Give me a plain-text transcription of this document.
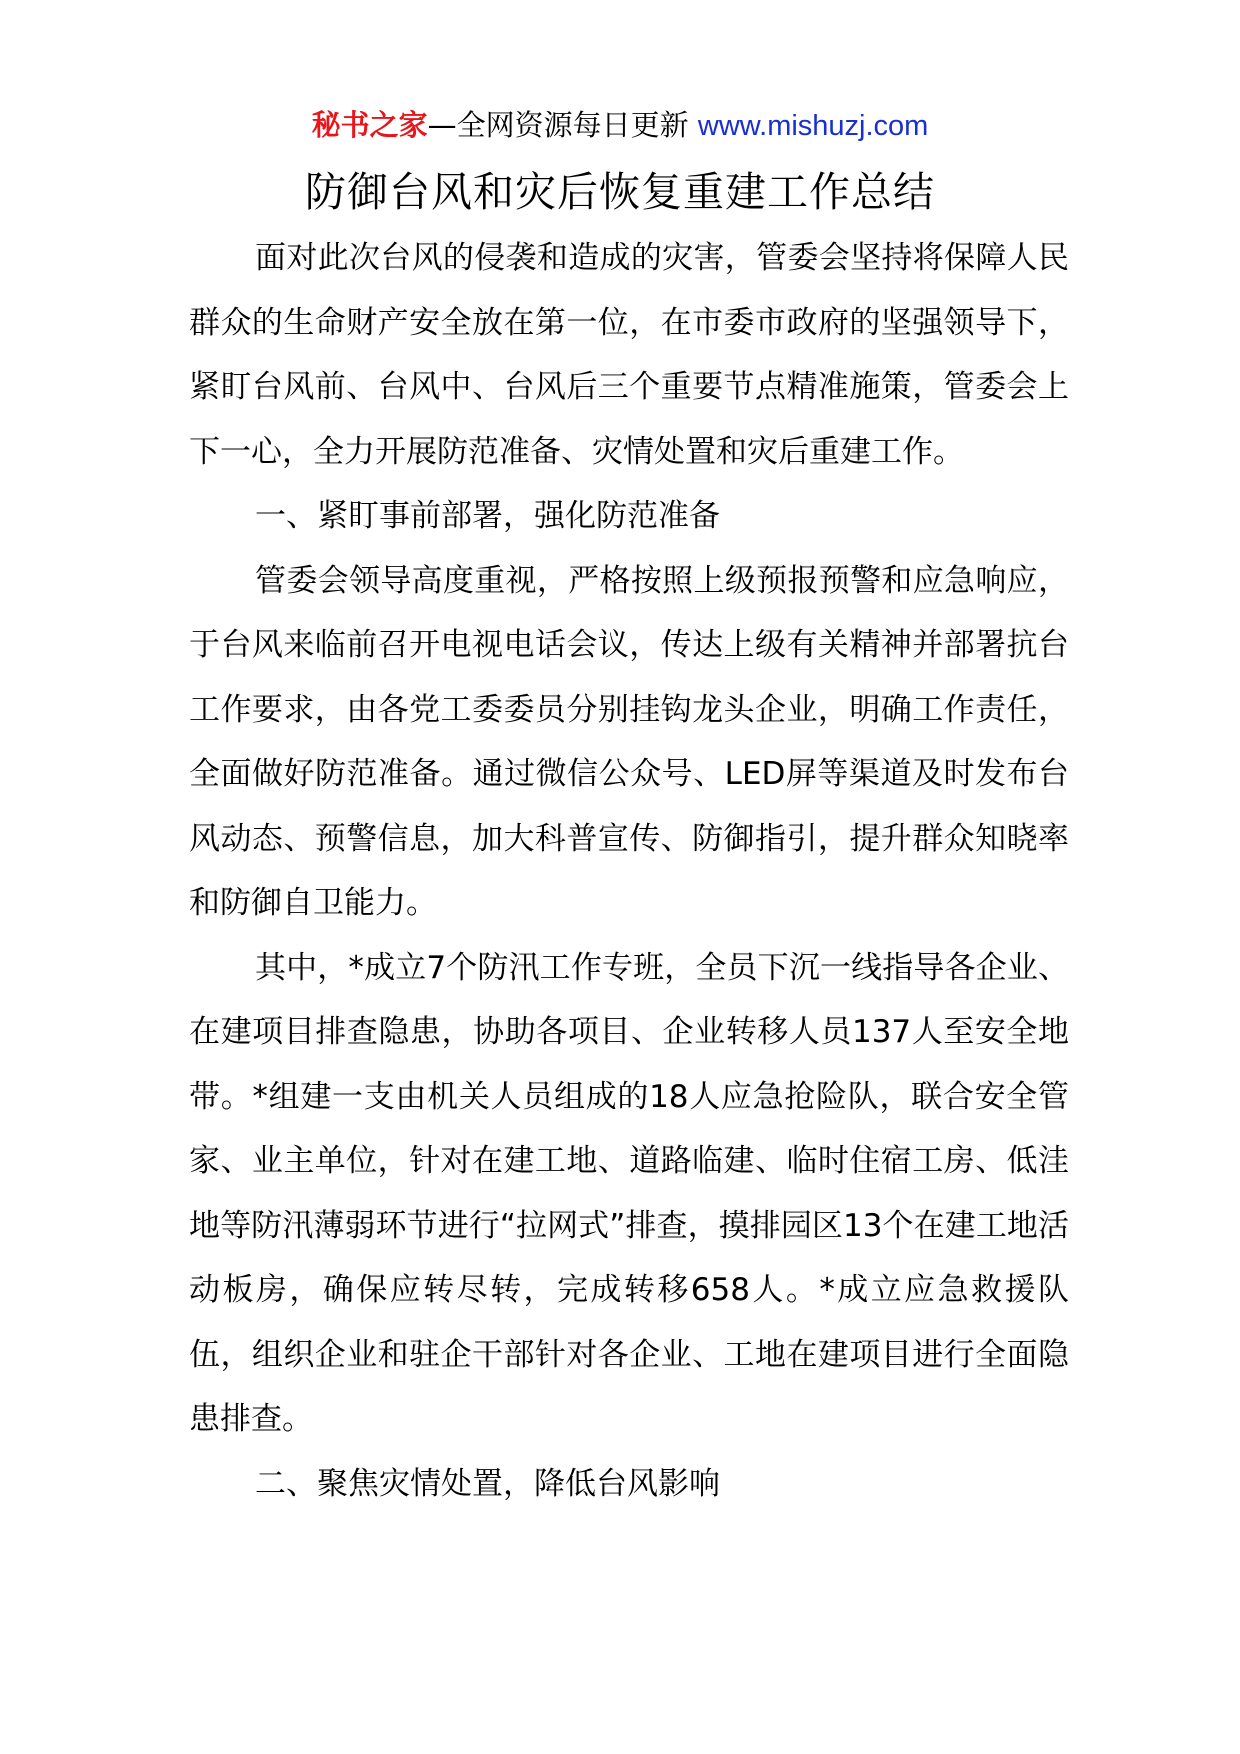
秘书之家—全网资源每日更新 www.mishuzj.com
防御台风和灾后恢复重建工作总结

面对此次台风的侵袭和造成的灾害，管委会坚持将保障人民群众的生命财产安全放在第一位，在市委市政府的坚强领导下，紧盯台风前、台风中、台风后三个重要节点精准施策，管委会上下一心，全力开展防范准备、灾情处置和灾后重建工作。

一、紧盯事前部署，强化防范准备

管委会领导高度重视，严格按照上级预报预警和应急响应，于台风来临前召开电视电话会议，传达上级有关精神并部署抗台工作要求，由各党工委委员分别挂钩龙头企业，明确工作责任，全面做好防范准备。通过微信公众号、LED屏等渠道及时发布台风动态、预警信息，加大科普宣传、防御指引，提升群众知晓率和防御自卫能力。

其中，*成立7个防汛工作专班，全员下沉一线指导各企业、在建项目排查隐患，协助各项目、企业转移人员137人至安全地带。*组建一支由机关人员组成的18人应急抢险队，联合安全管家、业主单位，针对在建工地、道路临建、临时住宿工房、低洼地等防汛薄弱环节进行“拉网式”排查，摸排园区13个在建工地活动板房，确保应转尽转，完成转移658人。*成立应急救援队伍，组织企业和驻企干部针对各企业、工地在建项目进行全面隐患排查。

二、聚焦灾情处置，降低台风影响
